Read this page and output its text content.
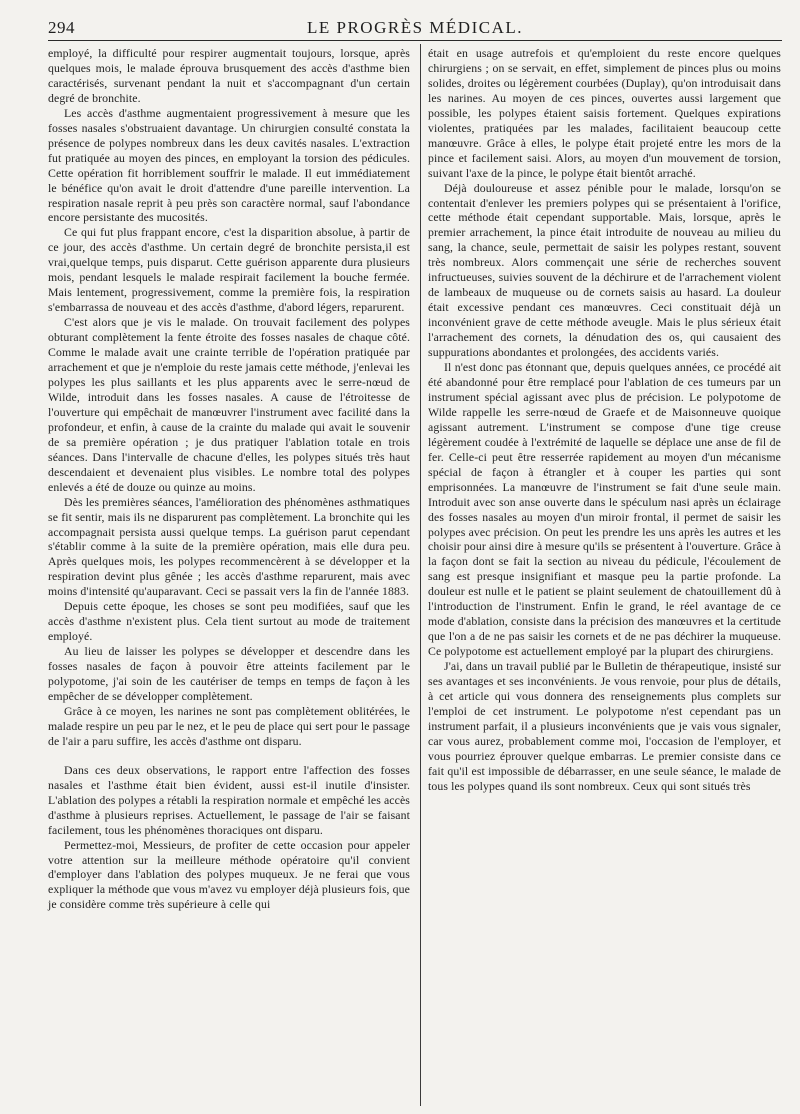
294	LE PROGRÈS MÉDICAL.

employé, la difficulté pour respirer augmentait toujours, lorsque, après quelques mois, le malade éprouva brusquement des accès d'asthme bien caractérisés, survenant pendant la nuit et s'accompagnant d'un certain degré de bronchite.

Les accès d'asthme augmentaient progressivement à mesure que les fosses nasales s'obstruaient davantage. Un chirurgien consulté constata la présence de polypes nombreux dans les deux cavités nasales. L'extraction fut pratiquée au moyen des pinces, en employant la torsion des pédicules. Cette opération fit horriblement souffrir le malade. Il eut immédiatement le bénéfice qu'on avait le droit d'attendre d'une pareille intervention. La respiration nasale reprit à peu près son caractère normal, sauf l'abondance encore persistante des mucosités.

Ce qui fut plus frappant encore, c'est la disparition absolue, à partir de ce jour, des accès d'asthme. Un certain degré de bronchite persista,il est vrai,quelque temps, puis disparut. Cette guérison apparente dura plusieurs mois, pendant lesquels le malade respirait facilement la bouche fermée. Mais lentement, progressivement, comme la première fois, la respiration s'embarrassa de nouveau et des accès d'asthme, d'abord légers, reparurent.

C'est alors que je vis le malade. On trouvait facilement des polypes obturant complètement la fente étroite des fosses nasales de chaque côté. Comme le malade avait une crainte terrible de l'opération pratiquée par arrachement et que je n'emploie du reste jamais cette méthode, j'enlevai les polypes les plus saillants et les plus apparents avec le serre-nœud de Wilde, introduit dans les fosses nasales. A cause de l'étroitesse de l'ouverture qui empêchait de manœuvrer l'instrument avec facilité dans la profondeur, et enfin, à cause de la crainte du malade qui avait le souvenir de sa première opération ; je dus pratiquer l'ablation totale en trois séances. Dans l'intervalle de chacune d'elles, les polypes situés très haut descendaient et devenaient plus visibles. Le nombre total des polypes enlevés a été de douze ou quinze au moins.

Dès les premières séances, l'amélioration des phénomènes asthmatiques se fit sentir, mais ils ne disparurent pas complètement. La bronchite qui les accompagnait persista aussi quelque temps. La guérison parut cependant s'établir comme à la suite de la première opération, mais elle dura peu. Après quelques mois, les polypes recommencèrent à se développer et la respiration devint plus gênée ; les accès d'asthme reparurent, mais avec moins d'intensité qu'auparavant. Ceci se passait vers la fin de l'année 1883.

Depuis cette époque, les choses se sont peu modifiées, sauf que les accès d'asthme n'existent plus. Cela tient surtout au mode de traitement employé.

Au lieu de laisser les polypes se développer et descendre dans les fosses nasales de façon à pouvoir être atteints facilement par le polypotome, j'ai soin de les cautériser de temps en temps de façon à les empêcher de se développer complètement.

Grâce à ce moyen, les narines ne sont pas complètement oblitérées, le malade respire un peu par le nez, et le peu de place qui sert pour le passage de l'air a paru suffire, les accès d'asthme ont disparu.

Dans ces deux observations, le rapport entre l'affection des fosses nasales et l'asthme était bien évident, aussi est-il inutile d'insister. L'ablation des polypes a rétabli la respiration normale et empêché les accès d'asthme à plusieurs reprises. Actuellement, le passage de l'air se faisant facilement, tous les phénomènes thoraciques ont disparu.

Permettez-moi, Messieurs, de profiter de cette occasion pour appeler votre attention sur la meilleure méthode opératoire qu'il convient d'employer dans l'ablation des polypes muqueux. Je ne ferai que vous expliquer la méthode que vous m'avez vu employer déjà plusieurs fois, que je considère comme très supérieure à celle qui

était en usage autrefois et qu'emploient du reste encore quelques chirurgiens ; on se servait, en effet, simplement de pinces plus ou moins solides, droites ou légèrement courbées (Duplay), qu'on introduisait dans les narines. Au moyen de ces pinces, ouvertes aussi largement que possible, les polypes étaient saisis fortement. Quelques expirations violentes, pratiquées par les malades, facilitaient beaucoup cette manœuvre. Grâce à elles, le polype était projeté entre les mors de la pince et facilement saisi. Alors, au moyen d'un mouvement de torsion, suivant l'axe de la pince, le polype était bientôt arraché.

Déjà douloureuse et assez pénible pour le malade, lorsqu'on se contentait d'enlever les premiers polypes qui se présentaient à l'orifice, cette méthode était cependant supportable. Mais, lorsque, après le premier arrachement, la pince était introduite de nouveau au milieu du sang, la chance, seule, permettait de saisir les polypes restant, souvent très nombreux. Alors commençait une série de recherches souvent infructueuses, suivies souvent de la déchirure et de l'arrachement violent de lambeaux de muqueuse ou de cornets saisis au hasard. La douleur était excessive pendant ces manœuvres. Ceci constituait déjà un inconvénient grave de cette méthode aveugle. Mais le plus sérieux était l'arrachement des cornets, la dénudation des os, qui causaient des suppurations abondantes et prolongées, des accidents variés.

Il n'est donc pas étonnant que, depuis quelques années, ce procédé ait été abandonné pour être remplacé pour l'ablation de ces tumeurs par un instrument spécial agissant avec plus de précision. Le polypotome de Wilde rappelle les serre-nœud de Graefe et de Maisonneuve quoique agissant autrement. L'instrument se compose d'une tige creuse légèrement coudée à l'extrémité de laquelle se déplace une anse de fil de fer. Celle-ci peut être resserrée rapidement au moyen d'un mécanisme spécial de façon à étrangler et à couper les parties qui sont emprisonnées. La manœuvre de l'instrument se fait d'une seule main. Introduit avec son anse ouverte dans le spéculum nasi après un éclairage des fosses nasales au moyen d'un miroir frontal, il permet de saisir les polypes avec précision. On peut les prendre les uns après les autres et les choisir pour ainsi dire à mesure qu'ils se présentent à l'ouverture. Grâce à la façon dont se fait la section au niveau du pédicule, l'écoulement de sang est presque insignifiant et masque peu la partie profonde. La douleur est nulle et le patient se plaint seulement de chatouillement dû à l'introduction de l'instrument. Enfin le grand, le réel avantage de ce mode d'ablation, consiste dans la précision des manœuvres et la certitude que l'on a de ne pas saisir les cornets et de ne pas déchirer la muqueuse. Ce polypotome est actuellement employé par la plupart des chirurgiens.

J'ai, dans un travail publié par le Bulletin de thérapeutique, insisté sur ses avantages et ses inconvénients. Je vous renvoie, pour plus de détails, à cet article qui vous donnera des renseignements plus complets sur l'emploi de cet instrument. Le polypotome n'est cependant pas un instrument parfait, il a plusieurs inconvénients que je vais vous signaler, car vous aurez, probablement comme moi, l'occasion de l'employer, et vous pourriez éprouver quelque embarras. Le premier consiste dans ce fait qu'il est impossible de débarrasser, en une seule séance, le malade de tous les polypes quand ils sont nombreux. Ceux qui sont situés très
